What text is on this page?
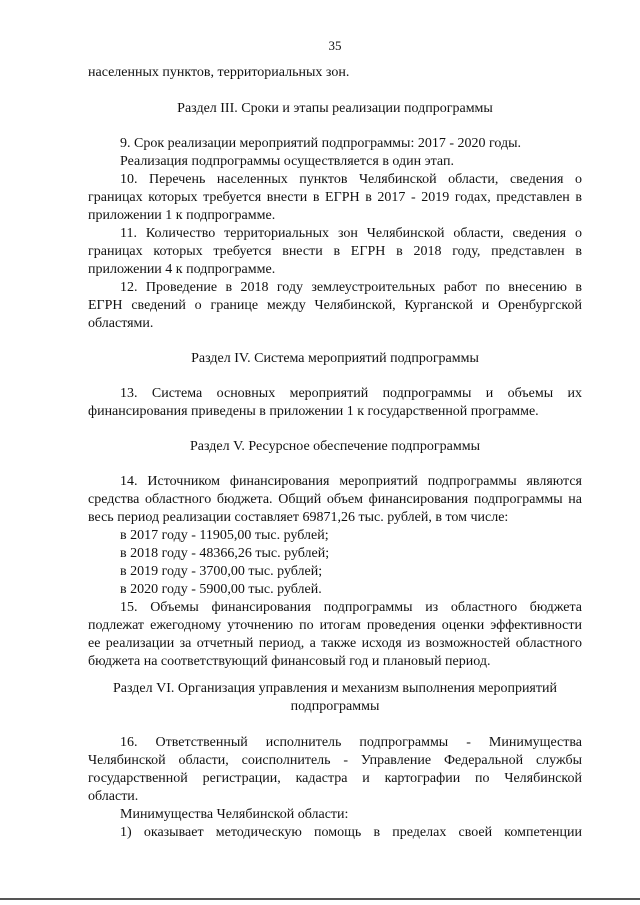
35
населенных пунктов, территориальных зон.
Раздел III. Сроки и этапы реализации подпрограммы
9. Срок реализации мероприятий подпрограммы: 2017 - 2020 годы.
Реализация подпрограммы осуществляется в один этап.
10. Перечень населенных пунктов Челябинской области, сведения о
границах которых требуется внести в ЕГРН в 2017 - 2019 годах, представлен в
приложении 1 к подпрограмме.
11. Количество территориальных зон Челябинской области, сведения о
границах которых требуется внести в ЕГРН в 2018 году, представлен в
приложении 4 к подпрограмме.
12. Проведение в 2018 году землеустроительных работ по внесению в
ЕГРН сведений о границе между Челябинской, Курганской и Оренбургской
областями.
Раздел IV. Система мероприятий подпрограммы
13. Система основных мероприятий подпрограммы и объемы их
финансирования приведены в приложении 1 к государственной программе.
Раздел V. Ресурсное обеспечение подпрограммы
14. Источником финансирования мероприятий подпрограммы являются
средства областного бюджета. Общий объем финансирования подпрограммы на
весь период реализации составляет 69871,26 тыс. рублей, в том числе:
в 2017 году - 11905,00 тыс. рублей;
в 2018 году - 48366,26 тыс. рублей;
в 2019 году - 3700,00 тыс. рублей;
в 2020 году - 5900,00 тыс. рублей.
15. Объемы финансирования подпрограммы из областного бюджета
подлежат ежегодному уточнению по итогам проведения оценки эффективности
ее реализации за отчетный период, а также исходя из возможностей областного
бюджета на соответствующий финансовый год и плановый период.
Раздел VI. Организация управления и механизм выполнения мероприятий
подпрограммы
16. Ответственный исполнитель подпрограммы - Минимущества
Челябинской области, соисполнитель - Управление Федеральной службы
государственной регистрации, кадастра и картографии по Челябинской
области.
Минимущества Челябинской области:
1) оказывает методическую помощь в пределах своей компетенции
